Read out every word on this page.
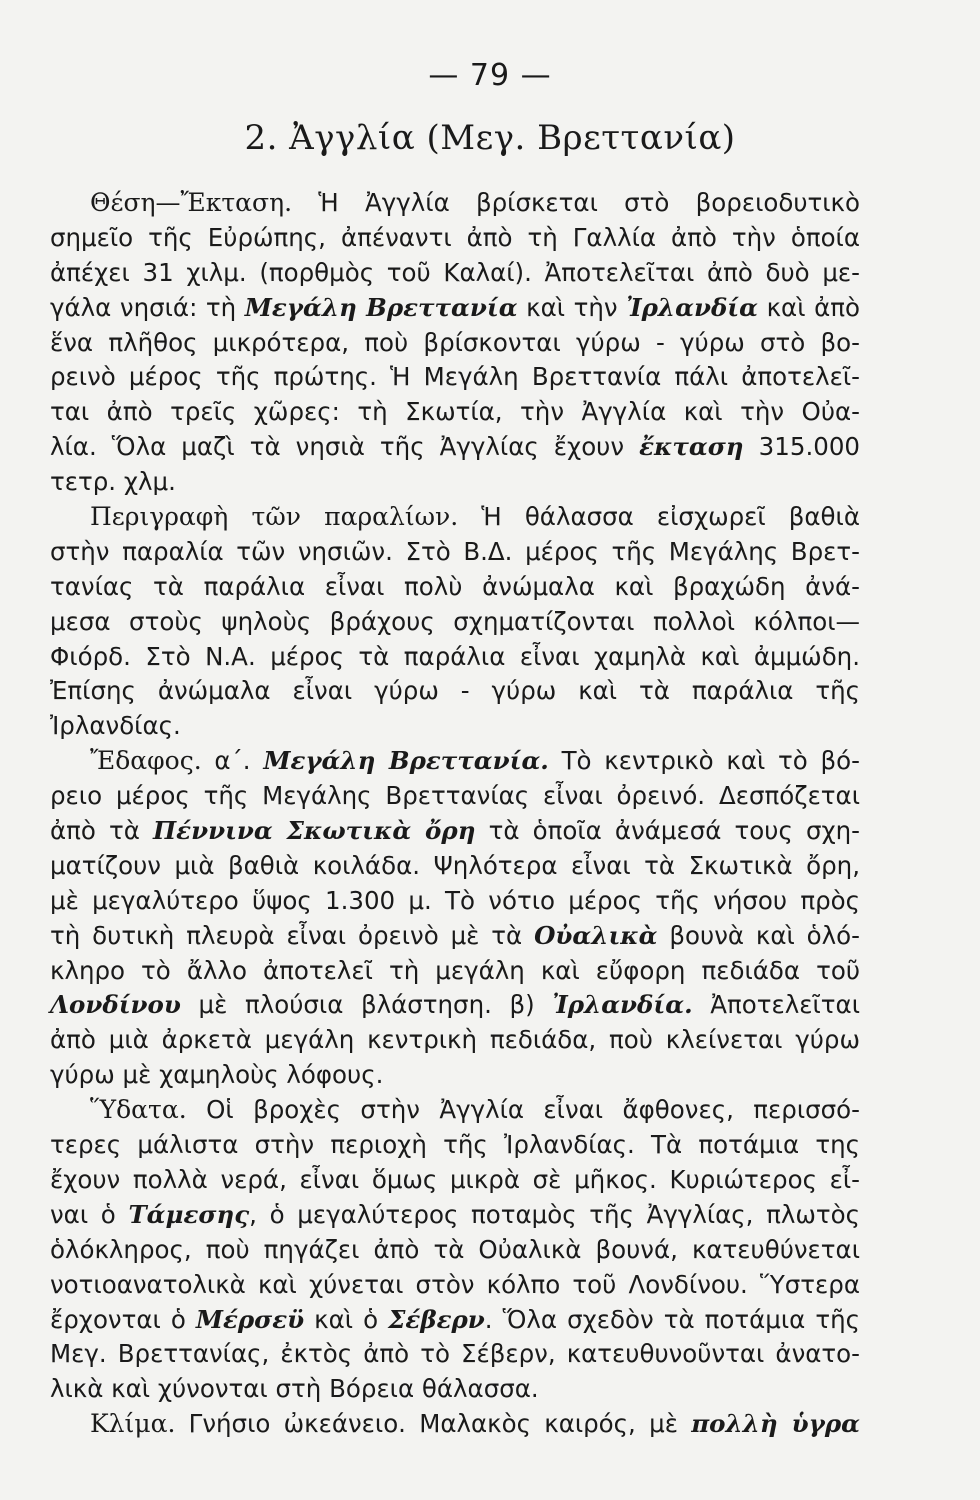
— 79 —
2. Ἀγγλία (Μεγ. Βρεττανία)
Θέση—Ἔκταση. Ἡ Ἀγγλία βρίσκεται στὸ βορειοδυτικὸ
σημεῖο τῆς Εὐρώπης, ἀπέναντι ἀπὸ τὴ Γαλλία ἀπὸ τὴν ὁποία
ἀπέχει 31 χιλμ. (πορθμὸς τοῦ Καλαί). Ἀποτελεῖται ἀπὸ δυὸ με-
γάλα νησιά: τὴ Μεγάλη Βρεττανία καὶ τὴν Ἰρλανδία καὶ ἀπὸ
ἕνα πλῆθος μικρότερα, ποὺ βρίσκονται γύρω - γύρω στὸ βο-
ρεινὸ μέρος τῆς πρώτης. Ἡ Μεγάλη Βρεττανία πάλι ἀποτελεῖ-
ται ἀπὸ τρεῖς χῶρες: τὴ Σκωτία, τὴν Ἀγγλία καὶ τὴν Οὐα-
λία. Ὅλα μαζὶ τὰ νησιὰ τῆς Ἀγγλίας ἔχουν ἔκταση 315.000
τετρ. χλμ.
Περιγραφὴ τῶν παραλίων. Ἡ θάλασσα εἰσχωρεῖ βαθιὰ
στὴν παραλία τῶν νησιῶν. Στὸ Β.Δ. μέρος τῆς Μεγάλης Βρετ-
τανίας τὰ παράλια εἶναι πολὺ ἀνώμαλα καὶ βραχώδη ἀνά-
μεσα στοὺς ψηλοὺς βράχους σχηματίζονται πολλοὶ κόλποι—
Φιόρδ. Στὸ Ν.Α. μέρος τὰ παράλια εἶναι χαμηλὰ καὶ ἀμμώδη.
Ἐπίσης ἀνώμαλα εἶναι γύρω - γύρω καὶ τὰ παράλια τῆς
Ἰρλανδίας.
Ἔδαφος. α΄. Μεγάλη Βρεττανία. Τὸ κεντρικὸ καὶ τὸ βό-
ρειο μέρος τῆς Μεγάλης Βρεττανίας εἶναι ὀρεινό. Δεσπόζεται
ἀπὸ τὰ Πέννινα Σκωτικὰ ὄρη τὰ ὁποῖα ἀνάμεσά τους σχη-
ματίζουν μιὰ βαθιὰ κοιλάδα. Ψηλότερα εἶναι τὰ Σκωτικὰ ὄρη,
μὲ μεγαλύτερο ὕψος 1.300 μ. Τὸ νότιο μέρος τῆς νήσου πρὸς
τὴ δυτικὴ πλευρὰ εἶναι ὀρεινὸ μὲ τὰ Οὐαλικὰ βουνὰ καὶ ὁλό-
κληρο τὸ ἄλλο ἀποτελεῖ τὴ μεγάλη καὶ εὔφορη πεδιάδα τοῦ
Λονδίνου μὲ πλούσια βλάστηση. β) Ἰρλανδία. Ἀποτελεῖται
ἀπὸ μιὰ ἀρκετὰ μεγάλη κεντρικὴ πεδιάδα, ποὺ κλείνεται γύρω
γύρω μὲ χαμηλοὺς λόφους.
Ὕδατα. Οἱ βροχὲς στὴν Ἀγγλία εἶναι ἄφθονες, περισσό-
τερες μάλιστα στὴν περιοχὴ τῆς Ἰρλανδίας. Τὰ ποτάμια της
ἔχουν πολλὰ νερά, εἶναι ὅμως μικρὰ σὲ μῆκος. Κυριώτερος εἶ-
ναι ὁ Τάμεσης, ὁ μεγαλύτερος ποταμὸς τῆς Ἀγγλίας, πλωτὸς
ὁλόκληρος, ποὺ πηγάζει ἀπὸ τὰ Οὐαλικὰ βουνά, κατευθύνεται
νοτιοανατολικὰ καὶ χύνεται στὸν κόλπο τοῦ Λονδίνου. Ὕστερα
ἔρχονται ὁ Μέρσεϋ καὶ ὁ Σέβερν. Ὅλα σχεδὸν τὰ ποτάμια τῆς
Μεγ. Βρεττανίας, ἐκτὸς ἀπὸ τὸ Σέβερν, κατευθυνοῦνται ἀνατο-
λικὰ καὶ χύνονται στὴ Βόρεια θάλασσα.
Κλίμα. Γνήσιο ὠκεάνειο. Μαλακὸς καιρός, μὲ πολλὴ ὑγρα
